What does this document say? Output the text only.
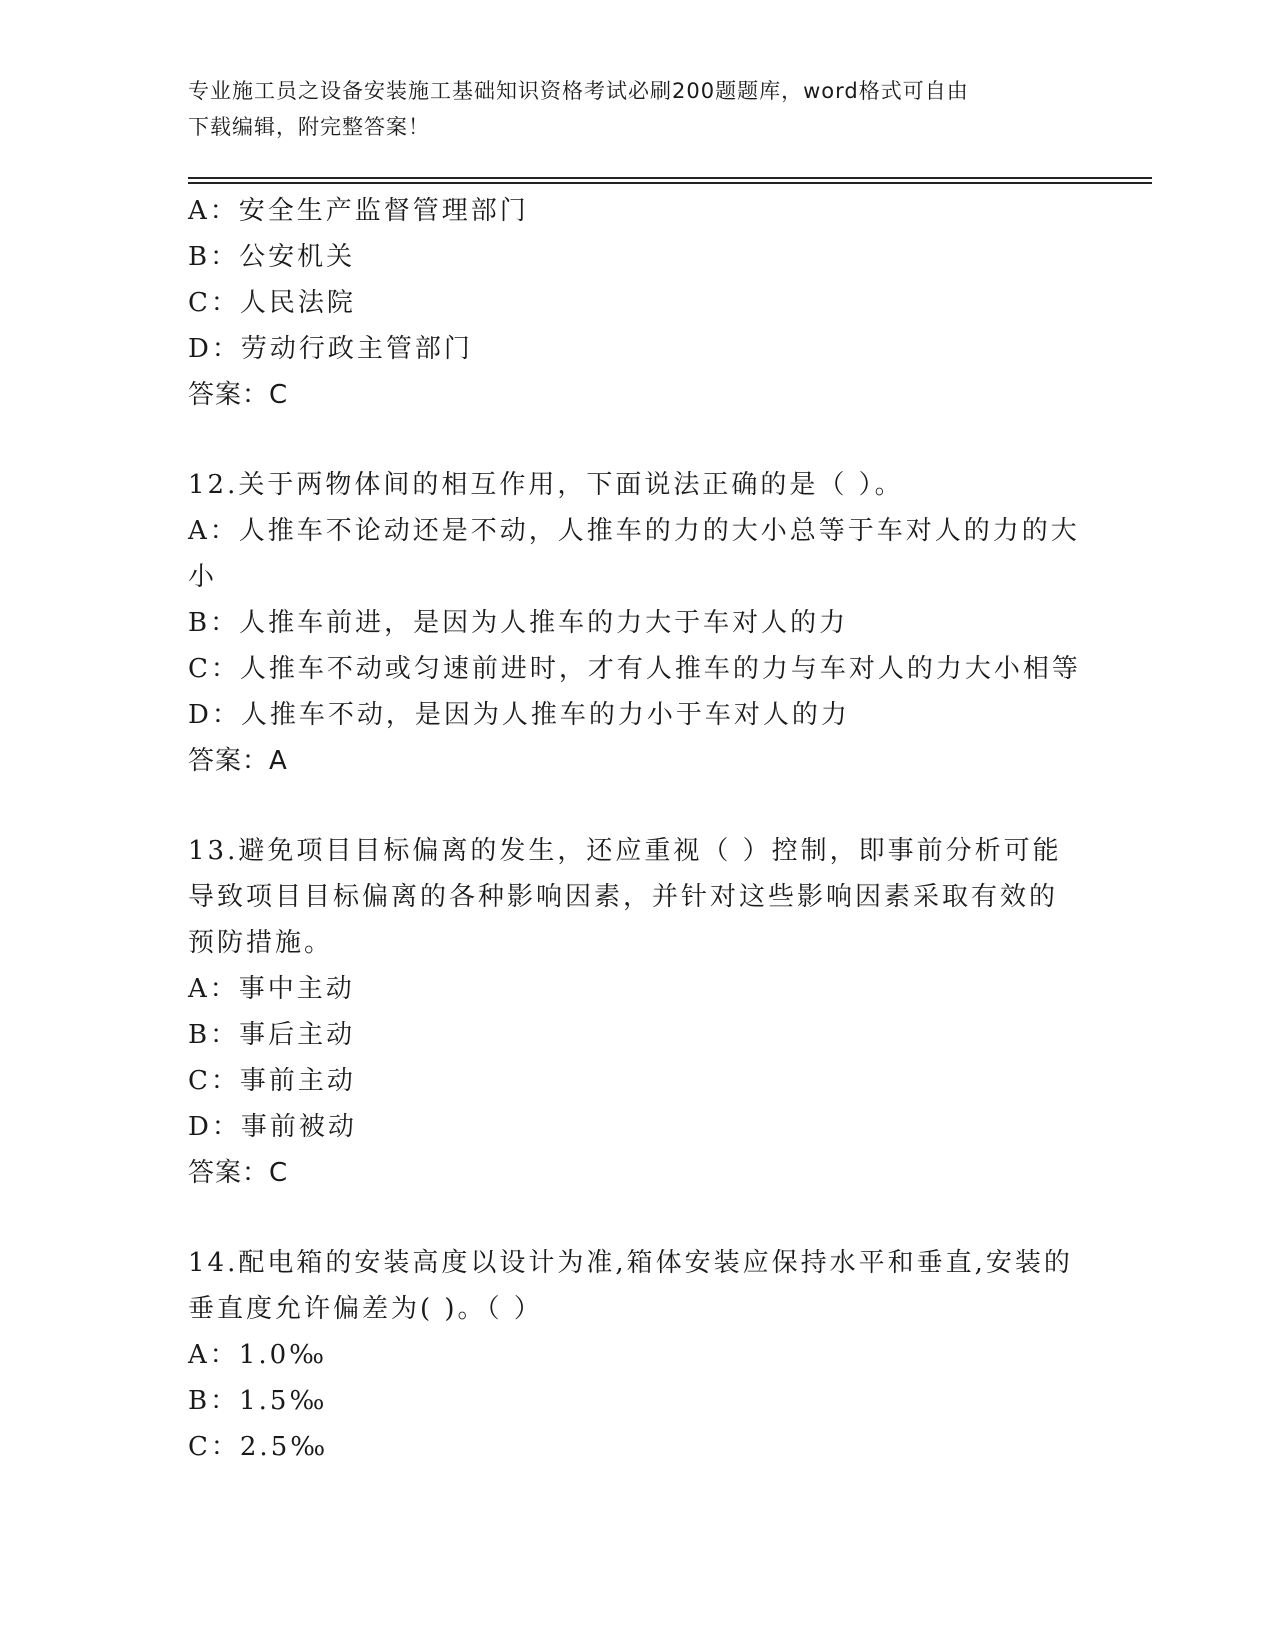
专业施工员之设备安装施工基础知识资格考试必刷200题题库，word格式可自由
下载编辑，附完整答案！
A：安全生产监督管理部门
B：公安机关
C：人民法院
D：劳动行政主管部门
答案：C
12.关于两物体间的相互作用，下面说法正确的是（ ）。
A：人推车不论动还是不动，人推车的力的大小总等于车对人的力的大
小
B：人推车前进，是因为人推车的力大于车对人的力
C：人推车不动或匀速前进时，才有人推车的力与车对人的力大小相等
D：人推车不动，是因为人推车的力小于车对人的力
答案：A
13.避免项目目标偏离的发生，还应重视（ ）控制，即事前分析可能
导致项目目标偏离的各种影响因素，并针对这些影响因素采取有效的
预防措施。
A：事中主动
B：事后主动
C：事前主动
D：事前被动
答案：C
14.配电箱的安装高度以设计为准,箱体安装应保持水平和垂直,安装的
垂直度允许偏差为( )。（ ）
A：1.0‰
B：1.5‰
C：2.5‰
